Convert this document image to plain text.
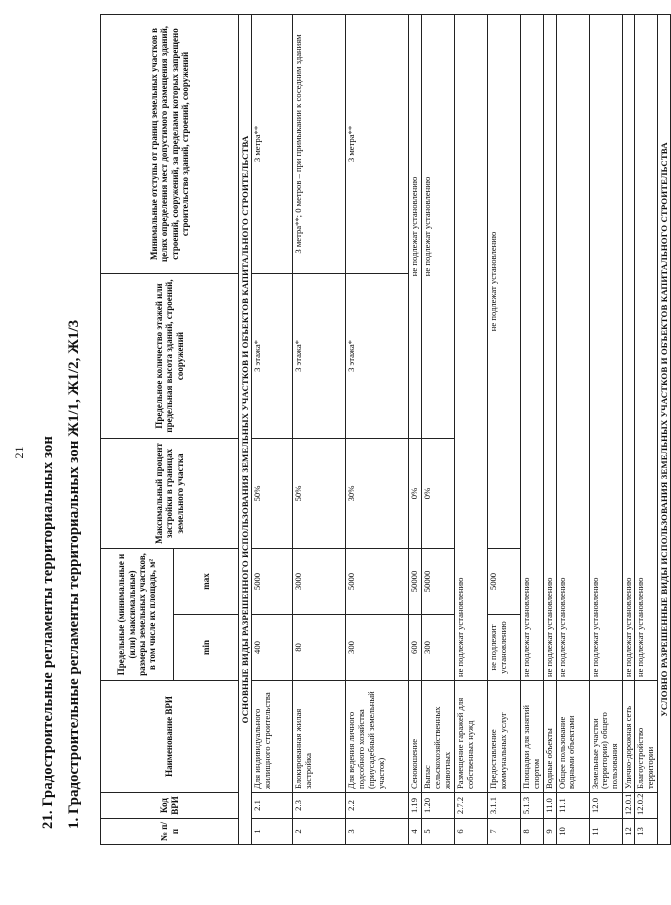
21 21. Градостроительные регламенты территориальных зон 1. Градостроительные регламенты территориальных зон Ж1/1, Ж1/2, Ж1/3
№ п/п	Код ВРИ	Наименование ВРИ	Предельные (минимальные и (или) максимальные) размеры земельных участков, в том числе их площадь, м²		Максимальный процент застройки в границах земельного участка	Предельное количество этажей или предельная высота зданий, строений, сооружений	Минимальные отступы от границ земельных участков в целях определения мест допустимого размещения зданий, строений, сооружений, за пределами которых запрещено строительство зданий, строений, сооружений
			min	max			
ОСНОВНЫЕ ВИДЫ РАЗРЕШЕННОГО ИСПОЛЬЗОВАНИЯ ЗЕМЕЛЬНЫХ УЧАСТКОВ И ОБЪЕКТОВ КАПИТАЛЬНОГО СТРОИТЕЛЬСТВА							
1	2.1	Для индивидуального жилищного строительства	400	5000	50%	3 этажа*	3 метра**
2	2.3	Блокированная жилая застройка	80	3000	50%	3 этажа*	3 метра**; 0 метров – при примыкании к соседним зданиям
3	2.2	Для ведения личного подсобного хозяйства (приусадебный земельный участок)	300	5000	30%	3 этажа*	3 метра**
4	1.19	Сенокошение	600	50000	0%	не подлежат установлению	
5	1.20	Выпас сельскохозяйственных животных	300	50000	0%	не подлежат установлению	
6	2.7.2	Размещение гаражей для собственных нужд	не подлежат установлению				
7	3.1.1	Предоставление коммунальных услуг	не подлежит установлению	5000	не подлежат установлению		
8	5.1.3	Площадки для занятий спортом	не подлежат установлению				
9	11.0	Водные объекты	не подлежат установлению				
10	11.1	Общее пользование водными объектами	не подлежат установлению				
11	12.0	Земельные участки (территории) общего пользования	не подлежат установлению				
12	12.0.1	Улично-дорожная сеть	не подлежат установлению				
13	12.0.2	Благоустройство территории	не подлежат установлению				
УСЛОВНО РАЗРЕШЕННЫЕ ВИДЫ ИСПОЛЬЗОВАНИЯ ЗЕМЕЛЬНЫХ УЧАСТКОВ И ОБЪЕКТОВ КАПИТАЛЬНОГО СТРОИТЕЛЬСТВА							
